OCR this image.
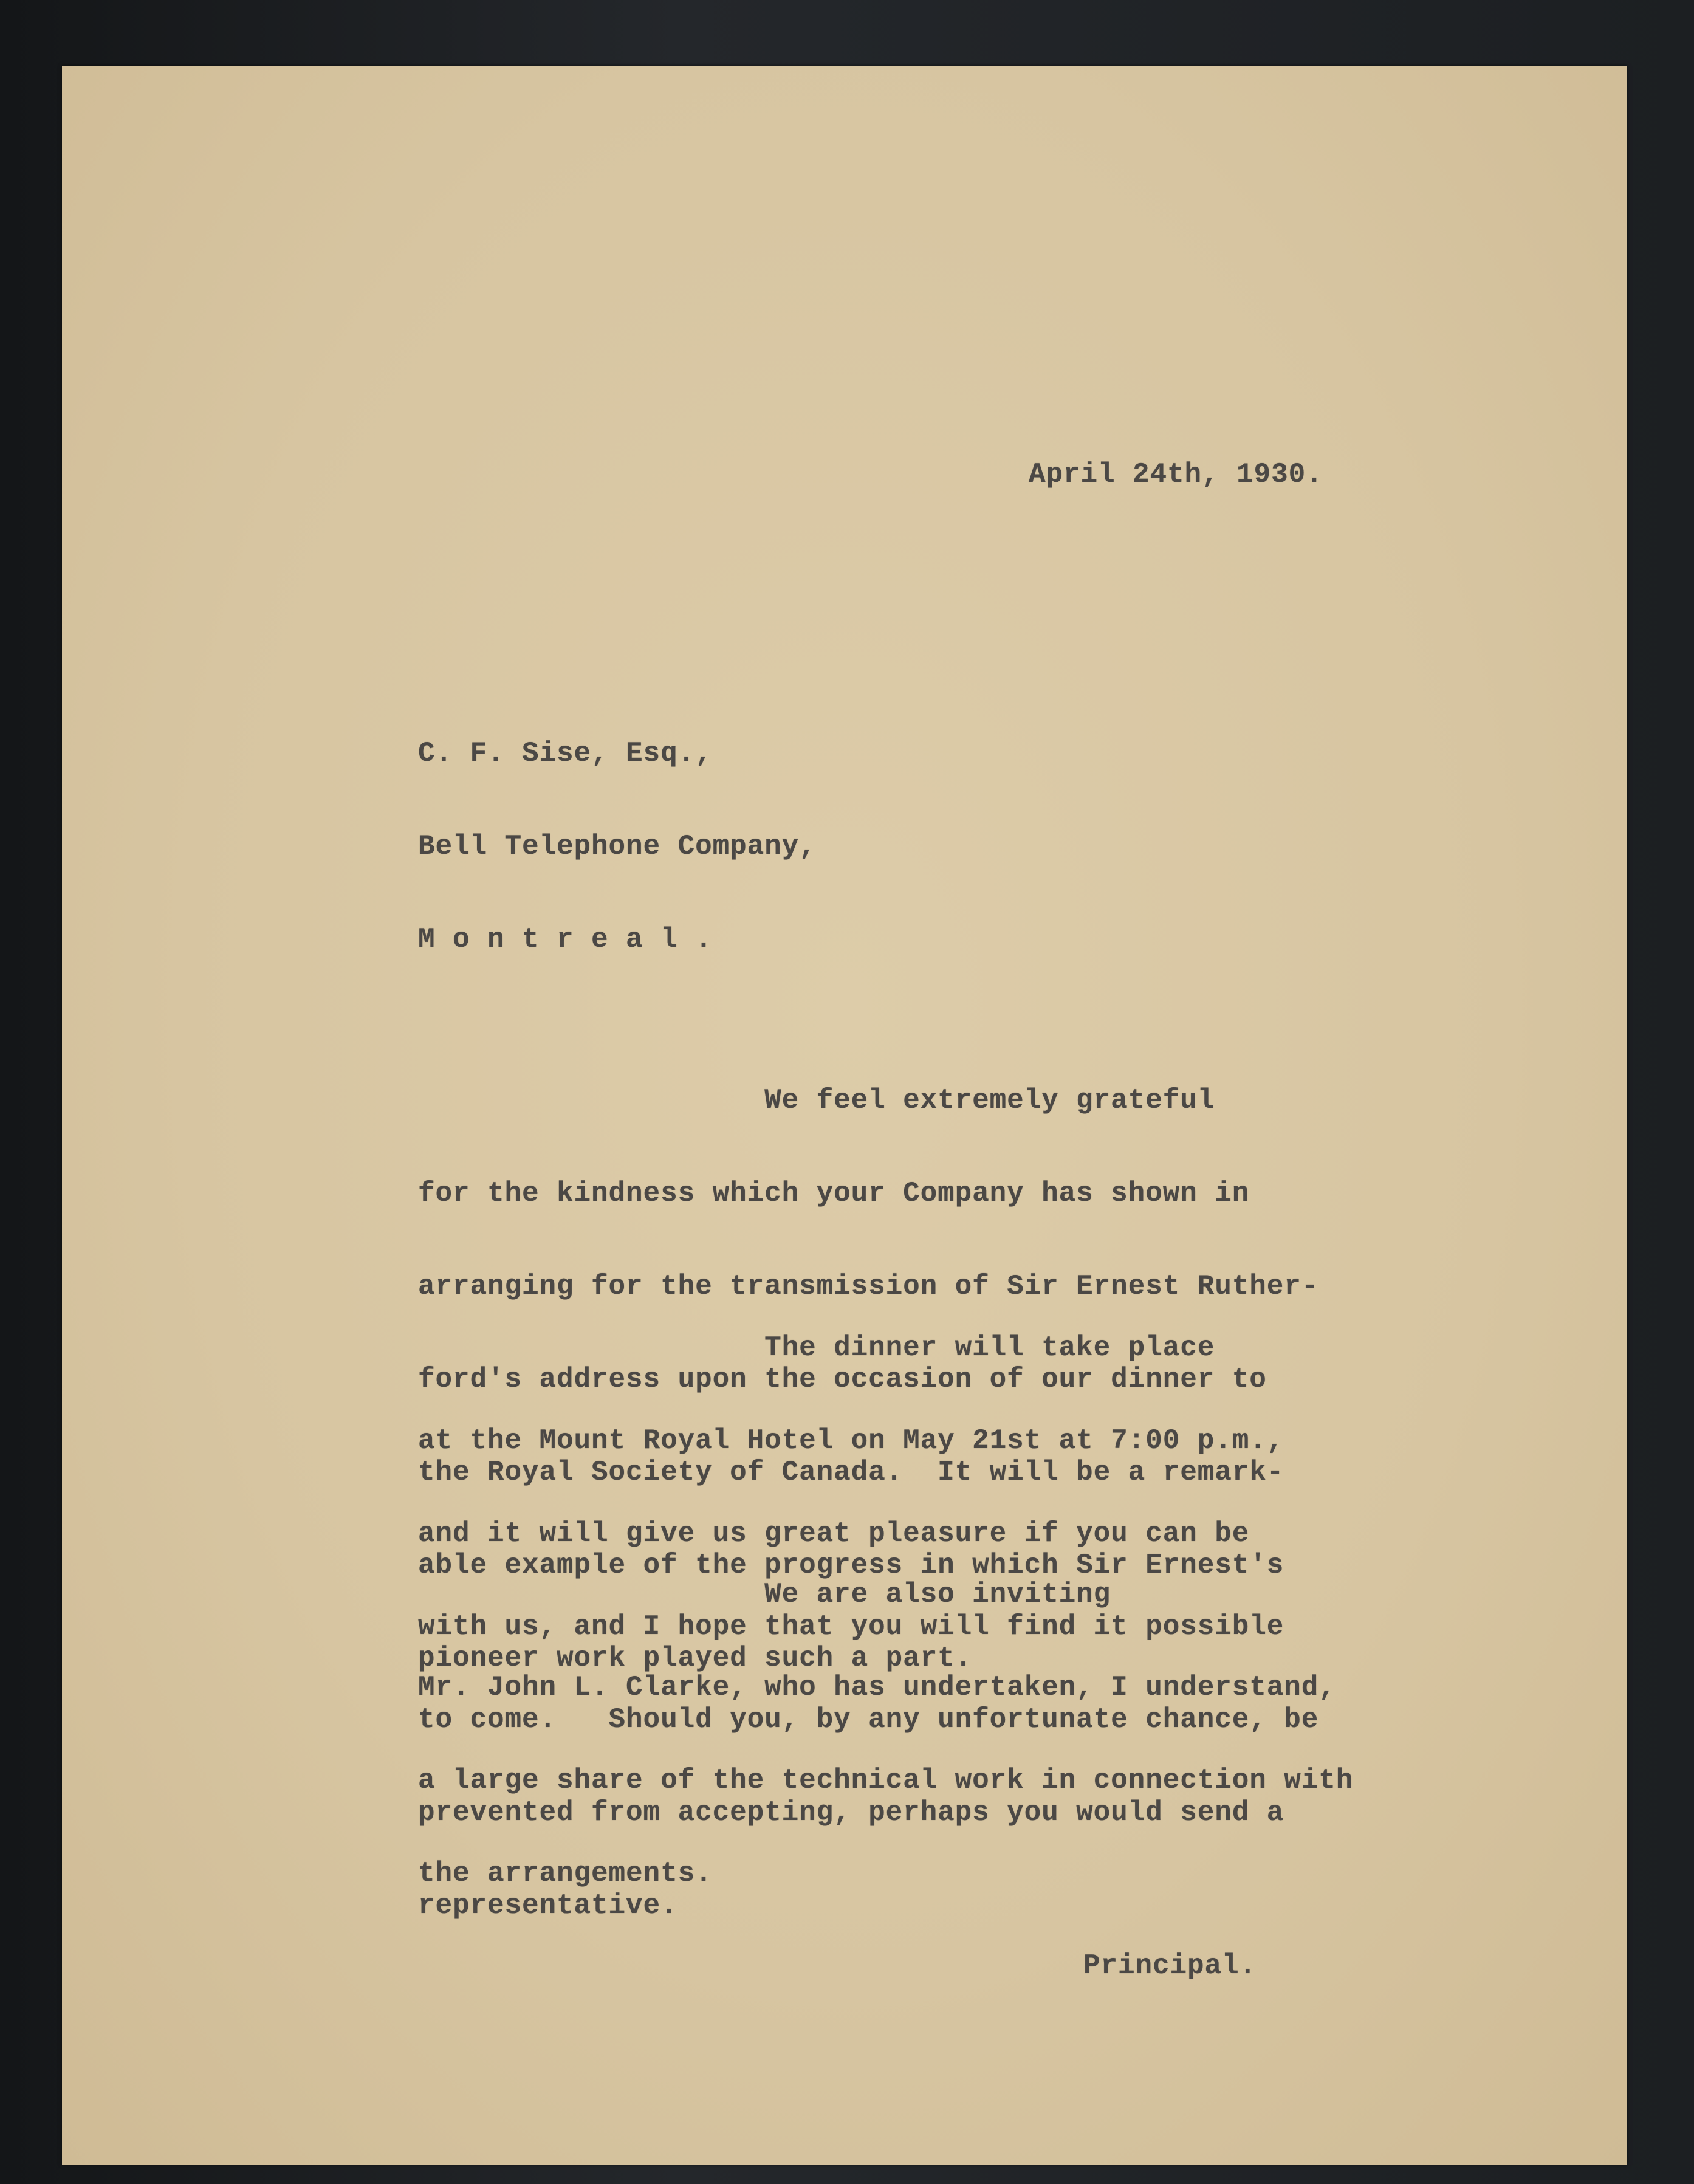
April 24th, 1930.

C. F. Sise, Esq.,

Bell Telephone Company,

M o n t r e a l .

We feel extremely grateful

for the kindness which your Company has shown in

arranging for the transmission of Sir Ernest Ruther-

ford's address upon the occasion of our dinner to

the Royal Society of Canada.  It will be a remark-

able example of the progress in which Sir Ernest's

pioneer work played such a part.

The dinner will take place

at the Mount Royal Hotel on May 21st at 7:00 p.m.,

and it will give us great pleasure if you can be

with us, and I hope that you will find it possible

to come.   Should you, by any unfortunate chance, be

prevented from accepting, perhaps you would send a

representative.

We are also inviting

Mr. John L. Clarke, who has undertaken, I understand,

a large share of the technical work in connection with

the arrangements.

Principal.
